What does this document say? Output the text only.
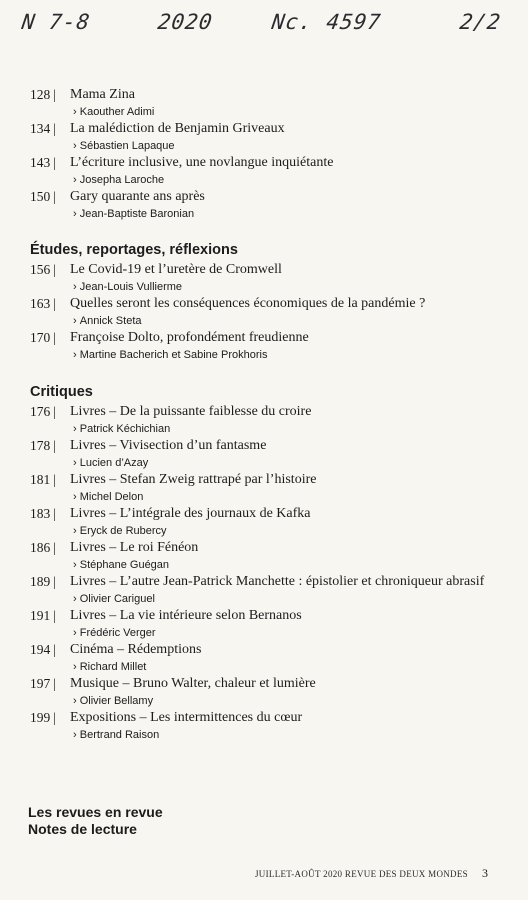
N 7-8	2020	Nc. 4597	2/2
128 |	Mama Zina
› Kaouther Adimi
134 |	La malédiction de Benjamin Griveaux
› Sébastien Lapaque
143 |	L’écriture inclusive, une novlangue inquiétante
› Josepha Laroche
150 |	Gary quarante ans après
› Jean-Baptiste Baronian
Études, reportages, réflexions
156 |	Le Covid-19 et l’uretère de Cromwell
› Jean-Louis Vullierme
163 |	Quelles seront les conséquences économiques de la pandémie ?
› Annick Steta
170 |	Françoise Dolto, profondément freudienne
› Martine Bacherich et Sabine Prokhoris
Critiques
176 |	Livres – De la puissante faiblesse du croire
› Patrick Kéchichian
178 |	Livres – Vivisection d’un fantasme
› Lucien d’Azay
181 |	Livres – Stefan Zweig rattrapé par l’histoire
› Michel Delon
183 |	Livres – L’intégrale des journaux de Kafka
› Eryck de Rubercy
186 |	Livres – Le roi Fénéon
› Stéphane Guégan
189 |	Livres – L’autre Jean-Patrick Manchette : épistolier et chroniqueur abrasif
› Olivier Cariguel
191 |	Livres – La vie intérieure selon Bernanos
› Frédéric Verger
194 |	Cinéma – Rédemptions
› Richard Millet
197 |	Musique – Bruno Walter, chaleur et lumière
› Olivier Bellamy
199 |	Expositions – Les intermittences du cœur
› Bertrand Raison
Les revues en revue
Notes de lecture
JUILLET-AOÛT 2020 REVUE DES DEUX MONDES 3
